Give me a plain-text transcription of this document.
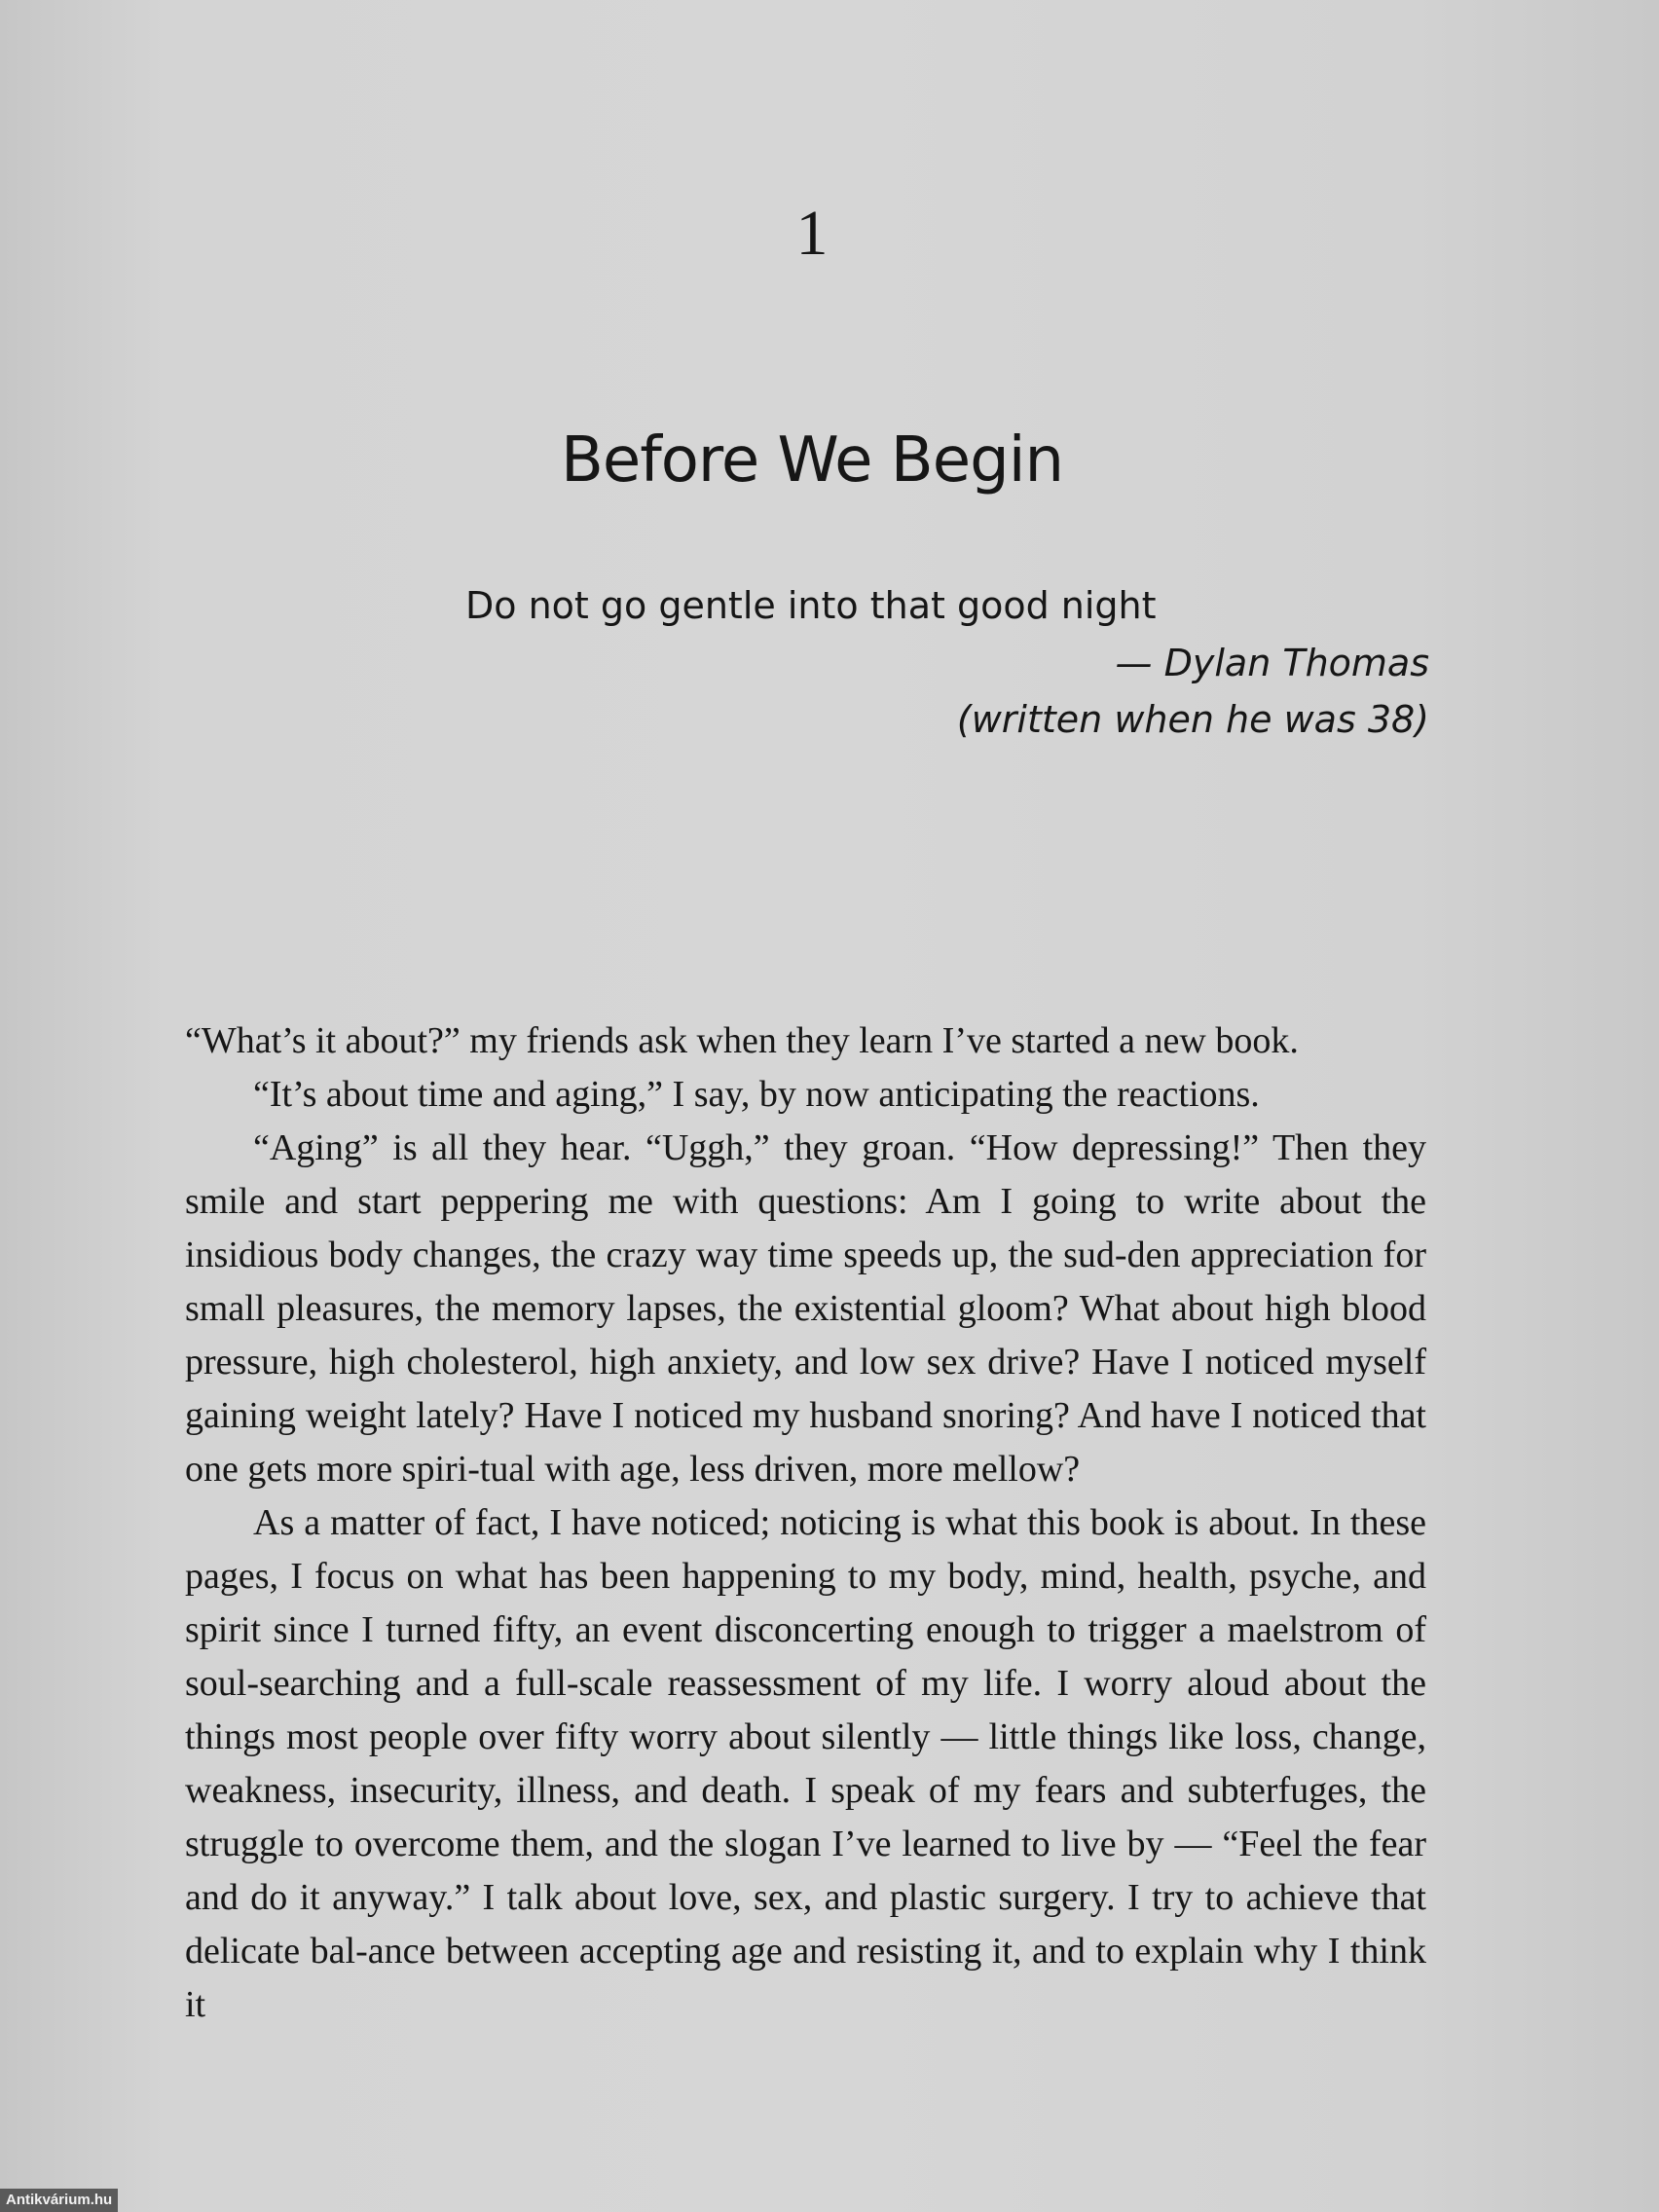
1
Before We Begin
Do not go gentle into that good night
— Dylan Thomas
(written when he was 38)

“What’s it about?” my friends ask when they learn I’ve started a new book.

“It’s about time and aging,” I say, by now anticipating the reactions.

“Aging” is all they hear. “Uggh,” they groan. “How depressing!” Then they smile and start peppering me with questions: Am I going to write about the insidious body changes, the crazy way time speeds up, the sud-den appreciation for small pleasures, the memory lapses, the existential gloom? What about high blood pressure, high cholesterol, high anxiety, and low sex drive? Have I noticed myself gaining weight lately? Have I noticed my husband snoring? And have I noticed that one gets more spiri-tual with age, less driven, more mellow?

As a matter of fact, I have noticed; noticing is what this book is about. In these pages, I focus on what has been happening to my body, mind, health, psyche, and spirit since I turned fifty, an event disconcerting enough to trigger a maelstrom of soul-searching and a full-scale reassessment of my life. I worry aloud about the things most people over fifty worry about silently — little things like loss, change, weakness, insecurity, illness, and death. I speak of my fears and subterfuges, the struggle to overcome them, and the slogan I’ve learned to live by — “Feel the fear and do it anyway.” I talk about love, sex, and plastic surgery. I try to achieve that delicate bal-ance between accepting age and resisting it, and to explain why I think it

Antikvárium.hu
